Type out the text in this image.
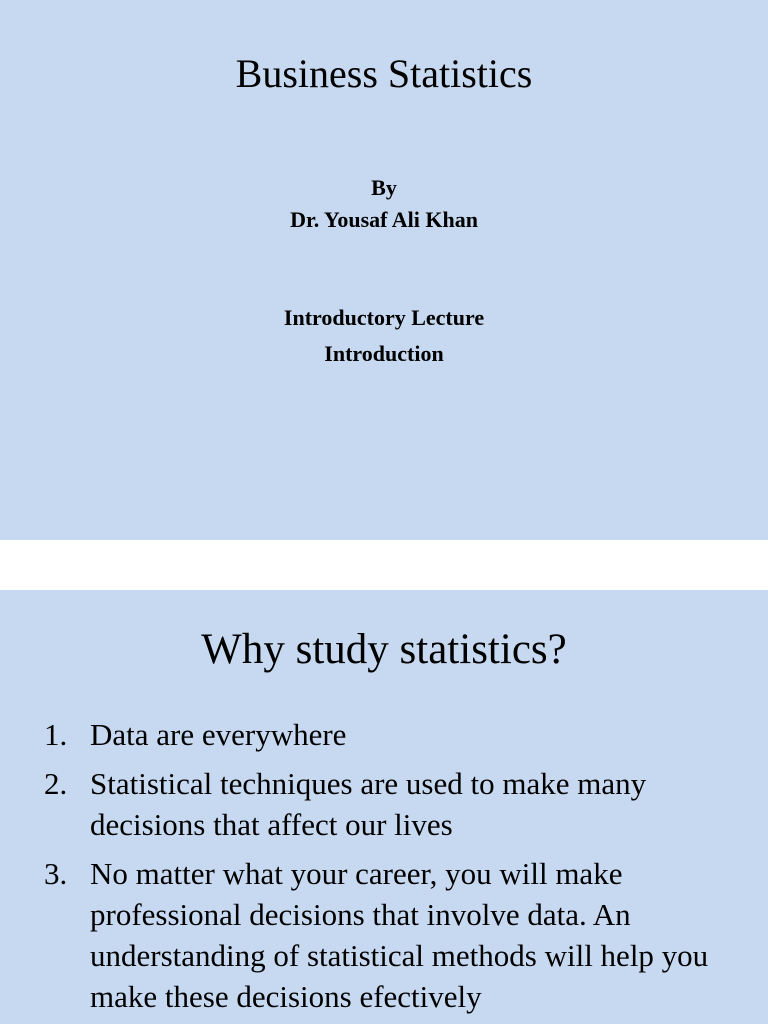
Business Statistics
By
Dr. Yousaf Ali Khan
Introductory Lecture
Introduction
Why study statistics?
1. Data are everywhere
2. Statistical techniques are used to make many decisions that affect our lives
3. No matter what your career, you will make professional decisions that involve data. An understanding of statistical methods will help you make these decisions efectively
